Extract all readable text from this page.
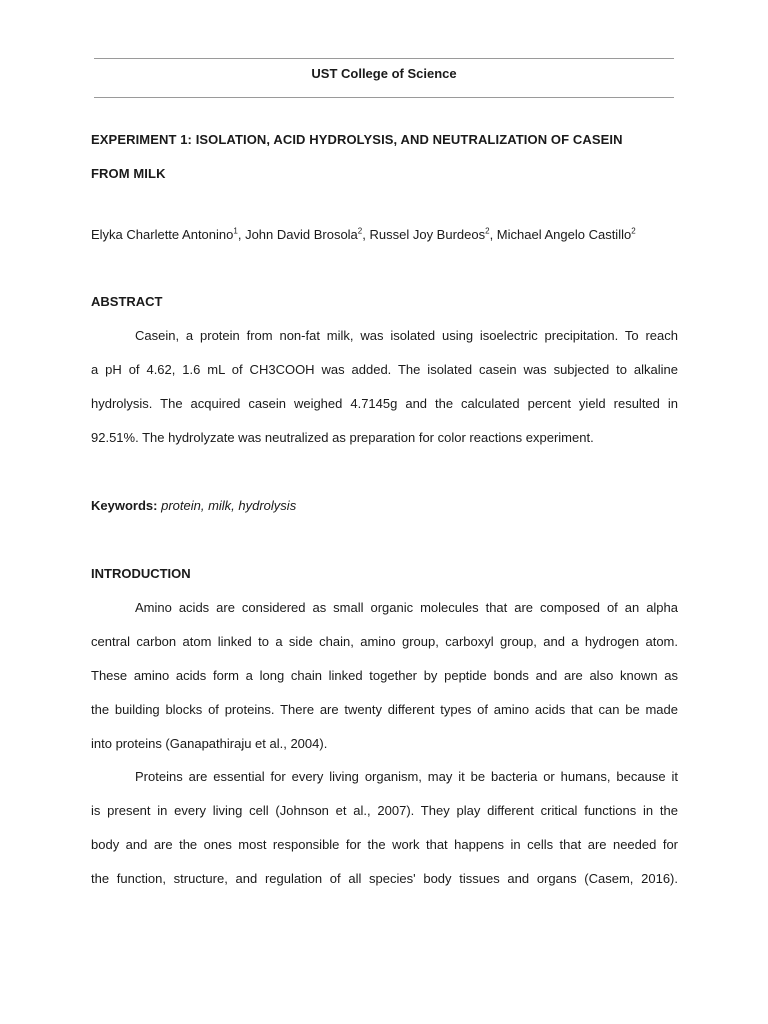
UST College of Science
EXPERIMENT 1: ISOLATION, ACID HYDROLYSIS, AND NEUTRALIZATION OF CASEIN
FROM MILK
Elyka Charlette Antonino$^1$, John David Brosola$^2$, Russel Joy Burdeos$^2$, Michael Angelo Castillo$^2$
ABSTRACT
Casein, a protein from non-fat milk, was isolated using isoelectric precipitation. To reach
a pH of 4.62, 1.6 mL of CH3COOH was added. The isolated casein was subjected to alkaline
hydrolysis. The acquired casein weighed 4.7145g and the calculated percent yield resulted in
92.51%. The hydrolyzate was neutralized as preparation for color reactions experiment.
Keywords: protein, milk, hydrolysis
INTRODUCTION
Amino acids are considered as small organic molecules that are composed of an alpha
central carbon atom linked to a side chain, amino group, carboxyl group, and a hydrogen atom.
These amino acids form a long chain linked together by peptide bonds and are also known as
the building blocks of proteins. There are twenty different types of amino acids that can be made
into proteins (Ganapathiraju et al., 2004).
Proteins are essential for every living organism, may it be bacteria or humans, because it
is present in every living cell (Johnson et al., 2007). They play different critical functions in the
body and are the ones most responsible for the work that happens in cells that are needed for
the function, structure, and regulation of all species' body tissues and organs (Casem, 2016).
